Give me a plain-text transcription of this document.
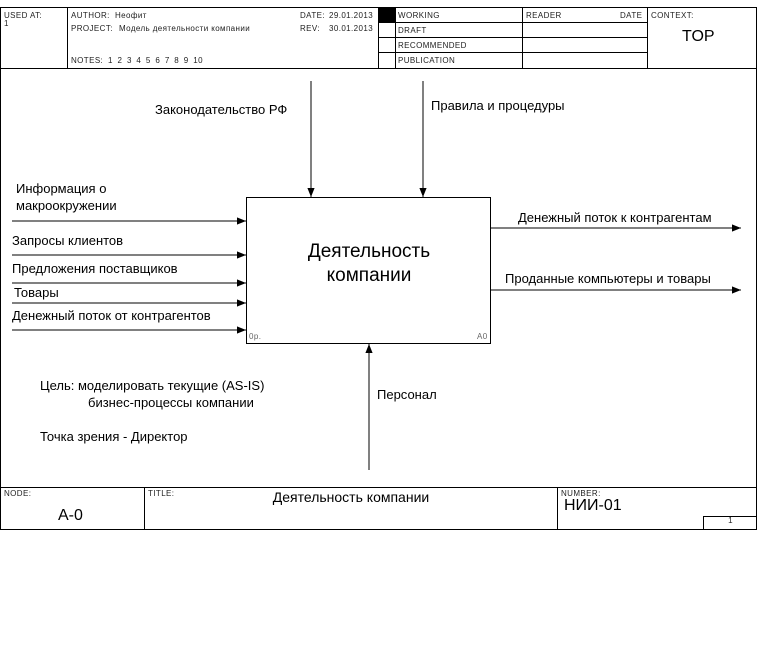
USED AT:
1
AUTHOR: Неофит
PROJECT: Модель деятельности компании
NOTES: 1 2 3 4 5 6 7 8 9 10
DATE: 29.01.2013
REV: 30.01.2013
WORKING
DRAFT
RECOMMENDED
PUBLICATION
READER	DATE CONTEXT:
TOP
Деятельность
компании
0р.	A0
Законодательство РФ	Правила и процедуры
Информация о
макроокружении
Запросы клиентов
Предложения поставщиков
Товары
Денежный поток от контрагентов
Денежный поток к контрагентам
Проданные компьютеры и товары
Персонал
Цель: моделировать текущие (AS-IS)
бизнес-процессы компании
Точка зрения - Директор
NODE:
A-0
TITLE:	Деятельность компании	NUMBER:
НИИ-01
1
